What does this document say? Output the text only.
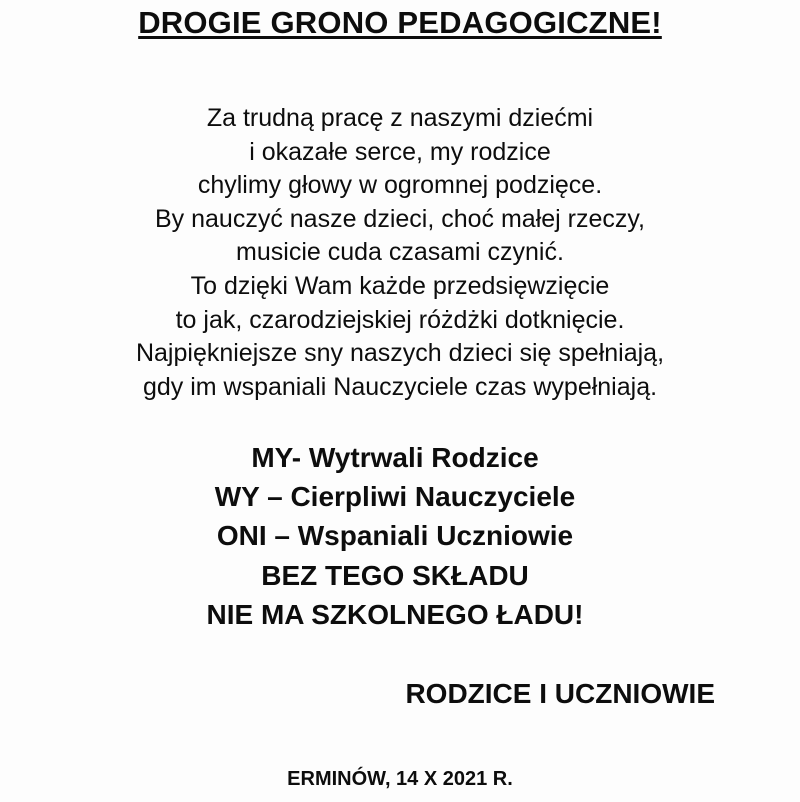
DROGIE GRONO PEDAGOGICZNE!
Za trudną pracę z naszymi dziećmi
i okazałe serce, my rodzice
chylimy głowy w ogromnej podzięce.
By nauczyć nasze dzieci, choć małej rzeczy,
musicie cuda czasami czynić.
To dzięki Wam każde przedsięwzięcie
to jak, czarodziejskiej różdżki dotknięcie.
Najpiękniejsze sny naszych dzieci się spełniają,
gdy im wspaniali Nauczyciele czas wypełniają.
MY- Wytrwali Rodzice
WY – Cierpliwi Nauczyciele
ONI – Wspaniali Uczniowie
BEZ TEGO SKŁADU
NIE MA SZKOLNEGO ŁADU!
RODZICE I UCZNIOWIE
ERMINÓW, 14 X 2021 R.
